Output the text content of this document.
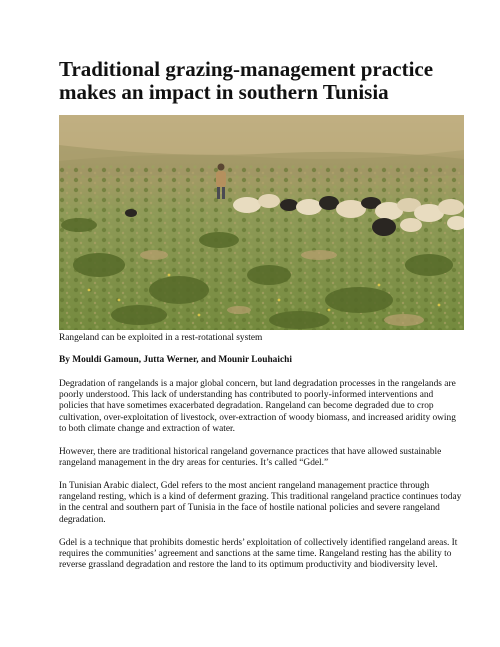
Traditional grazing-management practice makes an impact in southern Tunisia
Rangeland can be exploited in a rest-rotational system
By Mouldi Gamoun, Jutta Werner, and Mounir Louhaichi

Degradation of rangelands is a major global concern, but land degradation processes in the rangelands are poorly understood. This lack of understanding has contributed to poorly-informed interventions and policies that have sometimes exacerbated degradation. Rangeland can become degraded due to crop cultivation, over-exploitation of livestock, over-extraction of woody biomass, and increased aridity owing to both climate change and extraction of water.

However, there are traditional historical rangeland governance practices that have allowed sustainable rangeland management in the dry areas for centuries. It’s called “Gdel.”

In Tunisian Arabic dialect, Gdel refers to the most ancient rangeland management practice through rangeland resting, which is a kind of deferment grazing. This traditional rangeland practice continues today in the central and southern part of Tunisia in the face of hostile national policies and severe rangeland degradation.

Gdel is a technique that prohibits domestic herds’ exploitation of collectively identified rangeland areas. It requires the communities’ agreement and sanctions at the same time. Rangeland resting has the ability to reverse grassland degradation and restore the land to its optimum productivity and biodiversity level.
